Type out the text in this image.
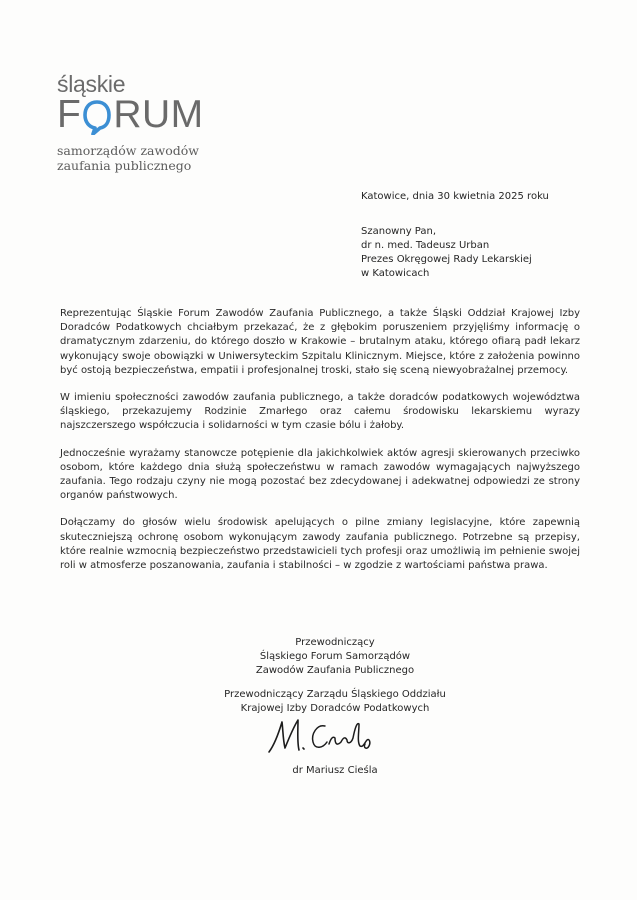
śląskie
F RUM
samorządów zawodów
zaufania publicznego
Katowice, dnia 30 kwietnia 2025 roku
Szanowny Pan,
dr n. med. Tadeusz Urban
Prezes Okręgowej Rady Lekarskiej
w Katowicach

Reprezentując Śląskie Forum Zawodów Zaufania Publicznego, a także Śląski Oddział Krajowej Izby Doradców Podatkowych chciałbym przekazać, że z głębokim poruszeniem przyjęliśmy informację o dramatycznym zdarzeniu, do którego doszło w Krakowie – brutalnym ataku, którego ofiarą padł lekarz wykonujący swoje obowiązki w Uniwersyteckim Szpitalu Klinicznym. Miejsce, które z założenia powinno być ostoją bezpieczeństwa, empatii i profesjonalnej troski, stało się sceną niewyobrażalnej przemocy.

W imieniu społeczności zawodów zaufania publicznego, a także doradców podatkowych województwa śląskiego, przekazujemy Rodzinie Zmarłego oraz całemu środowisku lekarskiemu wyrazy najszczerszego współczucia i solidarności w tym czasie bólu i żałoby.

Jednocześnie wyrażamy stanowcze potępienie dla jakichkolwiek aktów agresji skierowanych przeciwko osobom, które każdego dnia służą społeczeństwu w ramach zawodów wymagających najwyższego zaufania. Tego rodzaju czyny nie mogą pozostać bez zdecydowanej i adekwatnej odpowiedzi ze strony organów państwowych.

Dołączamy do głosów wielu środowisk apelujących o pilne zmiany legislacyjne, które zapewnią skuteczniejszą ochronę osobom wykonującym zawody zaufania publicznego. Potrzebne są przepisy, które realnie wzmocnią bezpieczeństwo przedstawicieli tych profesji oraz umożliwią im pełnienie swojej roli w atmosferze poszanowania, zaufania i stabilności – w zgodzie z wartościami państwa prawa.

Przewodniczący
Śląskiego Forum Samorządów
Zawodów Zaufania Publicznego
Przewodniczący Zarządu Śląskiego Oddziału
Krajowej Izby Doradców Podatkowych
dr Mariusz Cieśla
